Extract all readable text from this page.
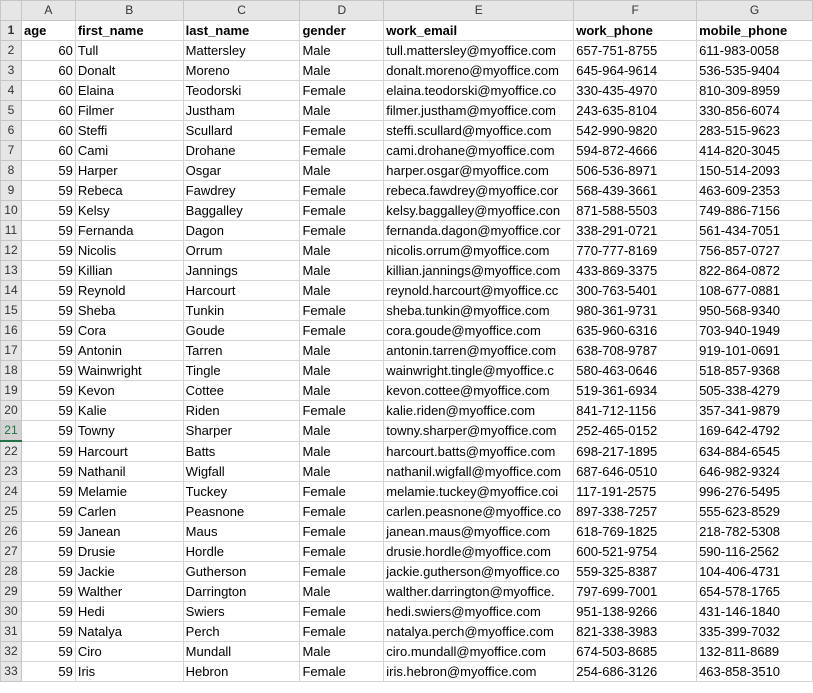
	A	B	C	D	E	F	G
1	age	first_name	last_name	gender	work_email	work_phone	mobile_phone
2	60	Tull	Mattersley	Male	tull.mattersley@myoffice.com	657-751-8755	611-983-0058
3	60	Donalt	Moreno	Male	donalt.moreno@myoffice.com	645-964-9614	536-535-9404
4	60	Elaina	Teodorski	Female	elaina.teodorski@myoffice.co	330-435-4970	810-309-8959
5	60	Filmer	Justham	Male	filmer.justham@myoffice.com	243-635-8104	330-856-6074
6	60	Steffi	Scullard	Female	steffi.scullard@myoffice.com	542-990-9820	283-515-9623
7	60	Cami	Drohane	Female	cami.drohane@myoffice.com	594-872-4666	414-820-3045
8	59	Harper	Osgar	Male	harper.osgar@myoffice.com	506-536-8971	150-514-2093
9	59	Rebeca	Fawdrey	Female	rebeca.fawdrey@myoffice.cor	568-439-3661	463-609-2353
10	59	Kelsy	Baggalley	Female	kelsy.baggalley@myoffice.con	871-588-5503	749-886-7156
11	59	Fernanda	Dagon	Female	fernanda.dagon@myoffice.cor	338-291-0721	561-434-7051
12	59	Nicolis	Orrum	Male	nicolis.orrum@myoffice.com	770-777-8169	756-857-0727
13	59	Killian	Jannings	Male	killian.jannings@myoffice.com	433-869-3375	822-864-0872
14	59	Reynold	Harcourt	Male	reynold.harcourt@myoffice.cc	300-763-5401	108-677-0881
15	59	Sheba	Tunkin	Female	sheba.tunkin@myoffice.com	980-361-9731	950-568-9340
16	59	Cora	Goude	Female	cora.goude@myoffice.com	635-960-6316	703-940-1949
17	59	Antonin	Tarren	Male	antonin.tarren@myoffice.com	638-708-9787	919-101-0691
18	59	Wainwright	Tingle	Male	wainwright.tingle@myoffice.c	580-463-0646	518-857-9368
19	59	Kevon	Cottee	Male	kevon.cottee@myoffice.com	519-361-6934	505-338-4279
20	59	Kalie	Riden	Female	kalie.riden@myoffice.com	841-712-1156	357-341-9879
21	59	Towny	Sharper	Male	towny.sharper@myoffice.com	252-465-0152	169-642-4792
22	59	Harcourt	Batts	Male	harcourt.batts@myoffice.com	698-217-1895	634-884-6545
23	59	Nathanil	Wigfall	Male	nathanil.wigfall@myoffice.com	687-646-0510	646-982-9324
24	59	Melamie	Tuckey	Female	melamie.tuckey@myoffice.coi	117-191-2575	996-276-5495
25	59	Carlen	Peasnone	Female	carlen.peasnone@myoffice.co	897-338-7257	555-623-8529
26	59	Janean	Maus	Female	janean.maus@myoffice.com	618-769-1825	218-782-5308
27	59	Drusie	Hordle	Female	drusie.hordle@myoffice.com	600-521-9754	590-116-2562
28	59	Jackie	Gutherson	Female	jackie.gutherson@myoffice.co	559-325-8387	104-406-4731
29	59	Walther	Darrington	Male	walther.darrington@myoffice.	797-699-7001	654-578-1765
30	59	Hedi	Swiers	Female	hedi.swiers@myoffice.com	951-138-9266	431-146-1840
31	59	Natalya	Perch	Female	natalya.perch@myoffice.com	821-338-3983	335-399-7032
32	59	Ciro	Mundall	Male	ciro.mundall@myoffice.com	674-503-8685	132-811-8689
33	59	Iris	Hebron	Female	iris.hebron@myoffice.com	254-686-3126	463-858-3510
